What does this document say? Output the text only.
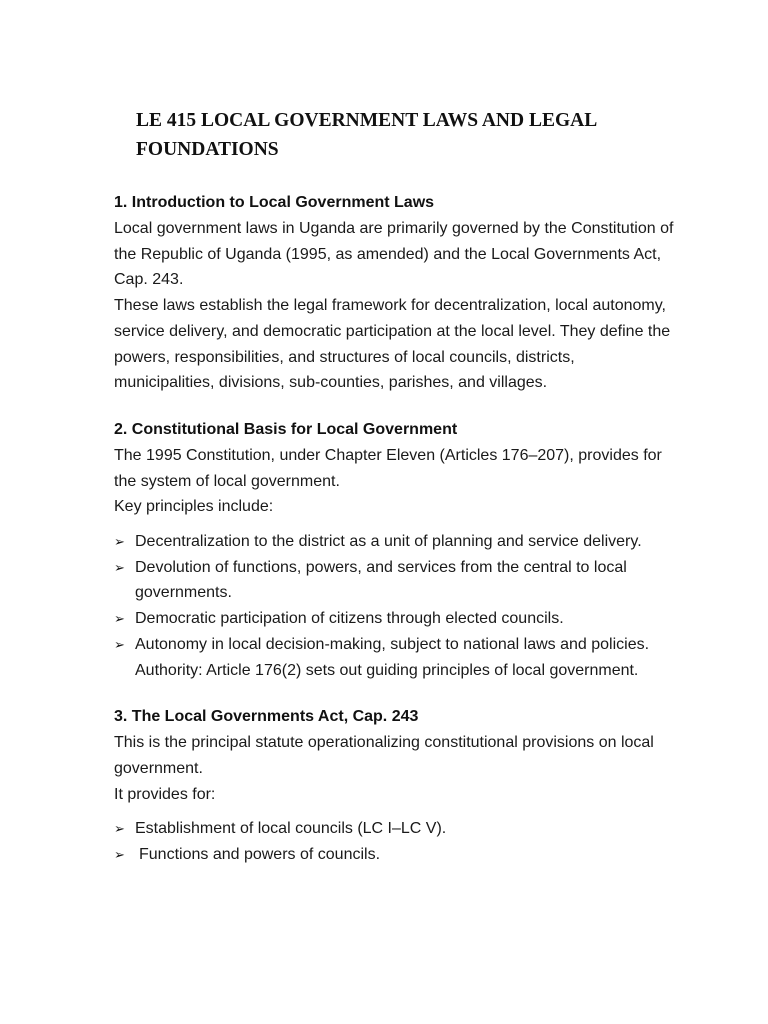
LE 415 LOCAL GOVERNMENT LAWS AND LEGAL FOUNDATIONS
1. Introduction to Local Government Laws

Local government laws in Uganda are primarily governed by the Constitution of the Republic of Uganda (1995, as amended) and the Local Governments Act, Cap. 243.

These laws establish the legal framework for decentralization, local autonomy, service delivery, and democratic participation at the local level. They define the powers, responsibilities, and structures of local councils, districts, municipalities, divisions, sub-counties, parishes, and villages.

2. Constitutional Basis for Local Government

The 1995 Constitution, under Chapter Eleven (Articles 176–207), provides for the system of local government.

Key principles include:

➢ Decentralization to the district as a unit of planning and service delivery.
➢ Devolution of functions, powers, and services from the central to local governments.
➢ Democratic participation of citizens through elected councils.
➢ Autonomy in local decision-making, subject to national laws and policies.

Authority: Article 176(2) sets out guiding principles of local government.

3. The Local Governments Act, Cap. 243

This is the principal statute operationalizing constitutional provisions on local government.

It provides for:

➢ Establishment of local councils (LC I–LC V).
➢ Functions and powers of councils.
